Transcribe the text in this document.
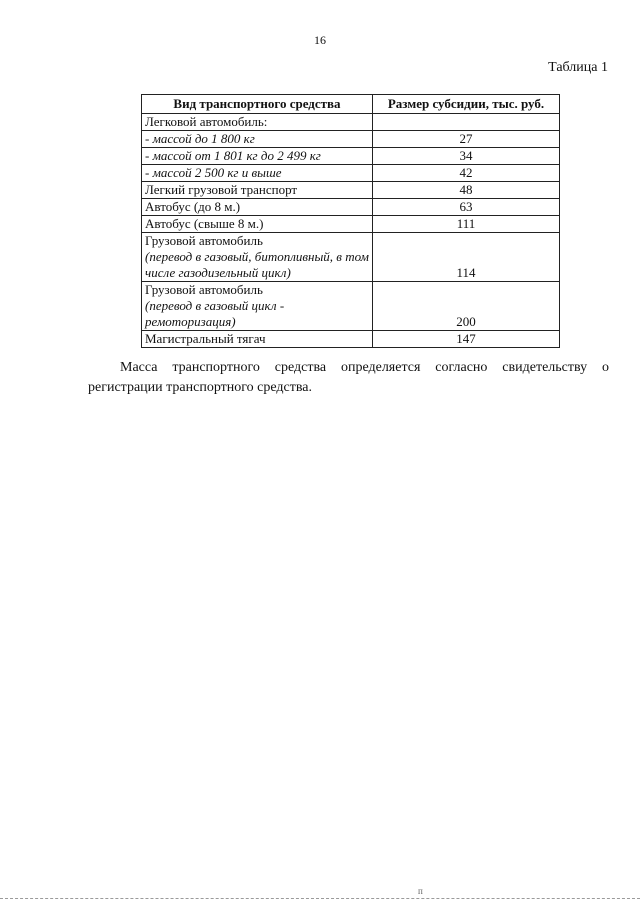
16
Таблица 1
Вид транспортного средства	Размер субсидии, тыс. руб.
Легковой автомобиль:	
- массой до 1 800 кг	27
- массой от 1 801 кг до 2 499 кг	34
- массой 2 500 кг и выше	42
Легкий грузовой транспорт	48
Автобус (до 8 м.)	63
Автобус (свыше 8 м.)	111
Грузовой автомобиль
(перевод в газовый, битопливный, в том числе газодизельный цикл)	114
Грузовой автомобиль
(перевод в газовый цикл - ремоторизация)	200
Магистральный тягач	147

Масса транспортного средства определяется согласно свидетельству о регистрации транспортного средства.

п
